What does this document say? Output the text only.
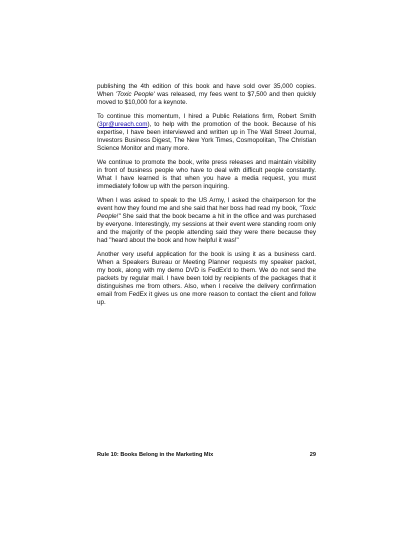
publishing the 4th edition of this book and have sold over 35,000 copies. When 'Toxic People' was released, my fees went to $7,500 and then quickly moved to $10,000 for a keynote.

To continue this momentum, I hired a Public Relations firm, Robert Smith (3pr@ureach.com), to help with the promotion of the book. Because of his expertise, I have been interviewed and written up in The Wall Street Journal, Investors Business Digest, The New York Times, Cosmopolitan, The Christian Science Monitor and many more.

We continue to promote the book, write press releases and maintain visibility in front of business people who have to deal with difficult people constantly. What I have learned is that when you have a media request, you must immediately follow up with the person inquiring.

When I was asked to speak to the US Army, I asked the chairperson for the event how they found me and she said that her boss had read my book, "Toxic People!" She said that the book became a hit in the office and was purchased by everyone. Interestingly, my sessions at their event were standing room only and the majority of the people attending said they were there because they had "heard about the book and how helpful it was!"

Another very useful application for the book is using it as a business card. When a Speakers Bureau or Meeting Planner requests my speaker packet, my book, along with my demo DVD is FedEx'd to them. We do not send the packets by regular mail. I have been told by recipients of the packages that it distinguishes me from others. Also, when I receive the delivery confirmation email from FedEx it gives us one more reason to contact the client and follow up.

Rule 10: Books Belong in the Marketing Mix	29
